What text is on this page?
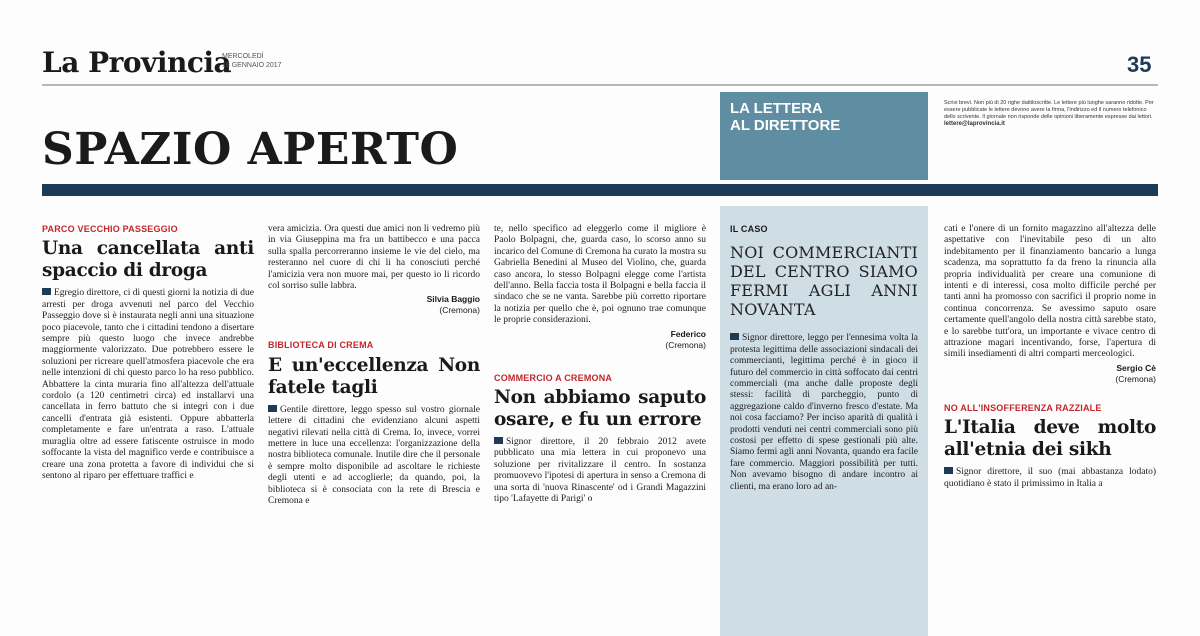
La Provincia
MERCOLEDÌ
18 GENNAIO 2017	35
SPAZIO APERTO
LA LETTERA
AL DIRETTORE
Scrivi brevi. Non più di 20 righe dattiloscritte. Le lettere più lunghe saranno ridotte. Per essere pubblicate le lettere devono avere la firma, l'indirizzo ed il numero telefonico dello scrivente. Il giornale non risponde delle opinioni liberamente espresse dai lettori.
lettere@laprovincia.it
PARCO VECCHIO PASSEGGIO
Una cancellata anti spaccio di droga

Egregio direttore, ci di questi giorni la notizia di due arresti per droga avvenuti nel parco del Vecchio Passeggio dove si è instaurata negli anni una situazione poco piacevole, tanto che i cittadini tendono a disertare sempre più questo luogo che invece andrebbe maggiormente valorizzato. Due potrebbero essere le soluzioni per ricreare quell'atmosfera piacevole che era nelle intenzioni di chi questo parco lo ha reso pubblico. Abbattere la cinta muraria fino all'altezza dell'attuale cordolo (a 120 centimetri circa) ed installarvi una cancellata in ferro battuto che si integri con i due cancelli d'entrata già esistenti. Oppure abbatterla completamente e fare un'entrata a raso. L'attuale muraglia oltre ad essere fatiscente ostruisce in modo soffocante la vista del magnifico verde e contribuisce a creare una zona protetta a favore di individui che si sentono al riparo per effettuare traffici e

vera amicizia. Ora questi due amici non li vedremo più in via Giuseppina ma fra un battibecco e una pacca sulla spalla percorreranno insieme le vie del cielo, ma resteranno nel cuore di chi li ha conosciuti perché l'amicizia vera non muore mai, per questo io li ricordo col sorriso sulle labbra.

Silvia Baggio
(Cremona)
BIBLIOTECA DI CREMA
E un'eccellenza Non fatele tagli

Gentile direttore, leggo spesso sul vostro giornale lettere di cittadini che evidenziano alcuni aspetti negativi rilevati nella città di Crema. Io, invece, vorrei mettere in luce una eccellenza: l'organizzazione della nostra biblioteca comunale. Inutile dire che il personale è sempre molto disponibile ad ascoltare le richieste degli utenti e ad accoglierle; da quando, poi, la biblioteca si è consociata con la rete di Brescia e Cremona e

te, nello specifico ad eleggerlo come il migliore è Paolo Bolpagni, che, guarda caso, lo scorso anno su incarico del Comune di Cremona ha curato la mostra su Gabriella Benedini al Museo del Violino, che, guarda caso ancora, lo stesso Bolpagni elegge come l'artista dell'anno. Bella faccia tosta il Bolpagni e bella faccia il sindaco che se ne vanta. Sarebbe più corretto riportare la notizia per quello che è, poi ognuno trae comunque le proprie considerazioni.

Federico
(Cremona)
COMMERCIO A CREMONA
Non abbiamo saputo osare, e fu un errore

Signor direttore, il 20 febbraio 2012 avete pubblicato una mia lettera in cui proponevo una soluzione per rivitalizzare il centro. In sostanza promuovevo l'ipotesi di apertura in senso a Cremona di una sorta di 'nuova Rinascente' od i Grandi Magazzini tipo 'Lafayette di Parigi' o

IL CASO
NOI COMMERCIANTI DEL CENTRO SIAMO FERMI AGLI ANNI NOVANTA

Signor direttore, leggo per l'ennesima volta la protesta legittima delle associazioni sindacali dei commercianti, legittima perché è in gioco il futuro del commercio in città soffocato dai centri commerciali (ma anche dalle proposte degli stessi: facilità di parcheggio, punto di aggregazione caldo d'inverno fresco d'estate. Ma noi cosa facciamo? Per inciso aparità di qualità i prodotti venduti nei centri commerciali sono più costosi per effetto di spese gestionali più alte. Siamo fermi agli anni Novanta, quando era facile fare commercio. Maggiori possibilità per tutti. Non avevamo bisogno di andare incontro ai clienti, ma erano loro ad an-

cati e l'onere di un fornito magazzino all'altezza delle aspettative con l'inevitabile peso di un alto indebitamento per il finanziamento bancario a lunga scadenza, ma soprattutto fa da freno la rinuncia alla propria individualità per creare una comunione di intenti e di interessi, cosa molto difficile perché per tanti anni ha promosso con sacrifici il proprio nome in continua concorrenza. Se avessimo saputo osare certamente quell'angolo della nostra città sarebbe stato, e lo sarebbe tutt'ora, un importante e vivace centro di attrazione magari incentivando, forse, l'apertura di simili insediamenti di altri comparti merceologici.

Sergio Cè
(Cremona)
NO ALL'INSOFFERENZA RAZZIALE
L'Italia deve molto all'etnia dei sikh

Signor direttore, il suo (mai abbastanza lodato) quotidiano è stato il primissimo in Italia a
